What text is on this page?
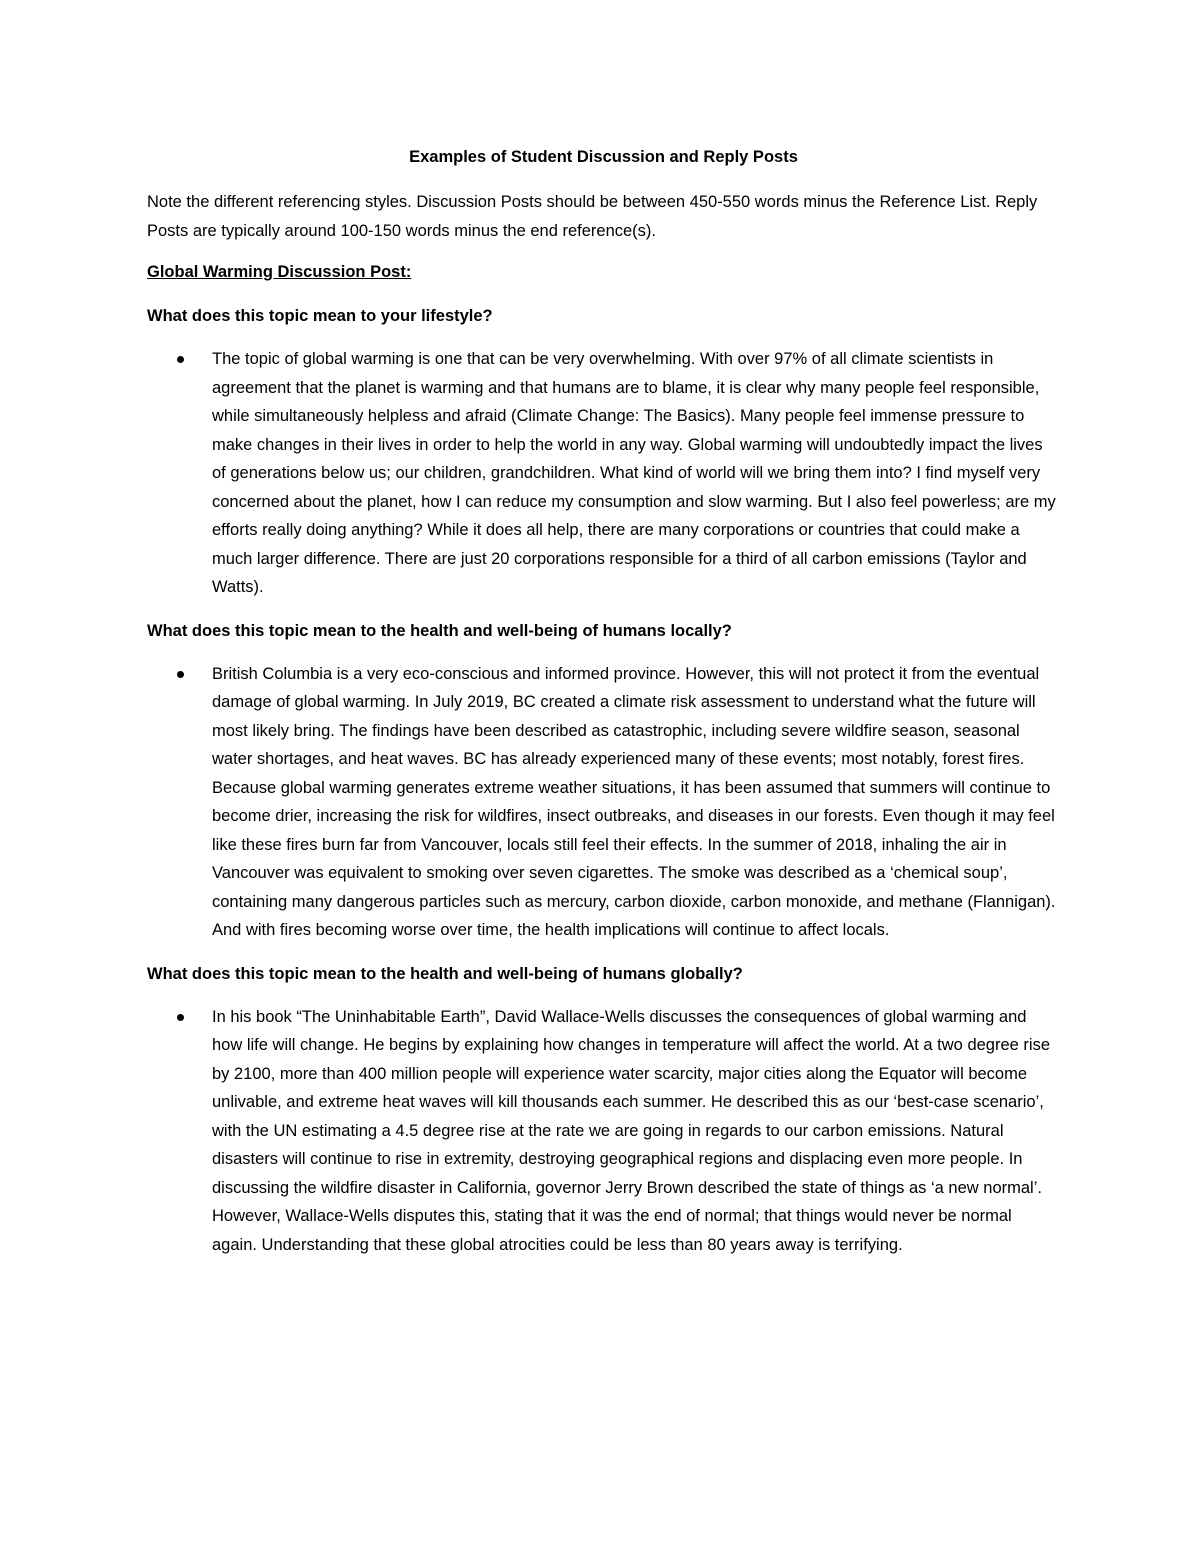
Examples of Student Discussion and Reply Posts

Note the different referencing styles. Discussion Posts should be between 450-550 words minus the Reference List. Reply Posts are typically around 100-150 words minus the end reference(s).

Global Warming Discussion Post:

What does this topic mean to your lifestyle?

The topic of global warming is one that can be very overwhelming. With over 97% of all climate scientists in agreement that the planet is warming and that humans are to blame, it is clear why many people feel responsible, while simultaneously helpless and afraid (Climate Change: The Basics). Many people feel immense pressure to make changes in their lives in order to help the world in any way. Global warming will undoubtedly impact the lives of generations below us; our children, grandchildren. What kind of world will we bring them into? I find myself very concerned about the planet, how I can reduce my consumption and slow warming. But I also feel powerless; are my efforts really doing anything? While it does all help, there are many corporations or countries that could make a much larger difference. There are just 20 corporations responsible for a third of all carbon emissions (Taylor and Watts).

What does this topic mean to the health and well-being of humans locally?

British Columbia is a very eco-conscious and informed province. However, this will not protect it from the eventual damage of global warming. In July 2019, BC created a climate risk assessment to understand what the future will most likely bring. The findings have been described as catastrophic, including severe wildfire season, seasonal water shortages, and heat waves. BC has already experienced many of these events; most notably, forest fires. Because global warming generates extreme weather situations, it has been assumed that summers will continue to become drier, increasing the risk for wildfires, insect outbreaks, and diseases in our forests. Even though it may feel like these fires burn far from Vancouver, locals still feel their effects. In the summer of 2018, inhaling the air in Vancouver was equivalent to smoking over seven cigarettes. The smoke was described as a ‘chemical soup’, containing many dangerous particles such as mercury, carbon dioxide, carbon monoxide, and methane (Flannigan). And with fires becoming worse over time, the health implications will continue to affect locals.

What does this topic mean to the health and well-being of humans globally?

In his book “The Uninhabitable Earth”, David Wallace-Wells discusses the consequences of global warming and how life will change. He begins by explaining how changes in temperature will affect the world. At a two degree rise by 2100, more than 400 million people will experience water scarcity, major cities along the Equator will become unlivable, and extreme heat waves will kill thousands each summer. He described this as our ‘best-case scenario’, with the UN estimating a 4.5 degree rise at the rate we are going in regards to our carbon emissions. Natural disasters will continue to rise in extremity, destroying geographical regions and displacing even more people. In discussing the wildfire disaster in California, governor Jerry Brown described the state of things as ‘a new normal’. However, Wallace-Wells disputes this, stating that it was the end of normal; that things would never be normal again. Understanding that these global atrocities could be less than 80 years away is terrifying.
